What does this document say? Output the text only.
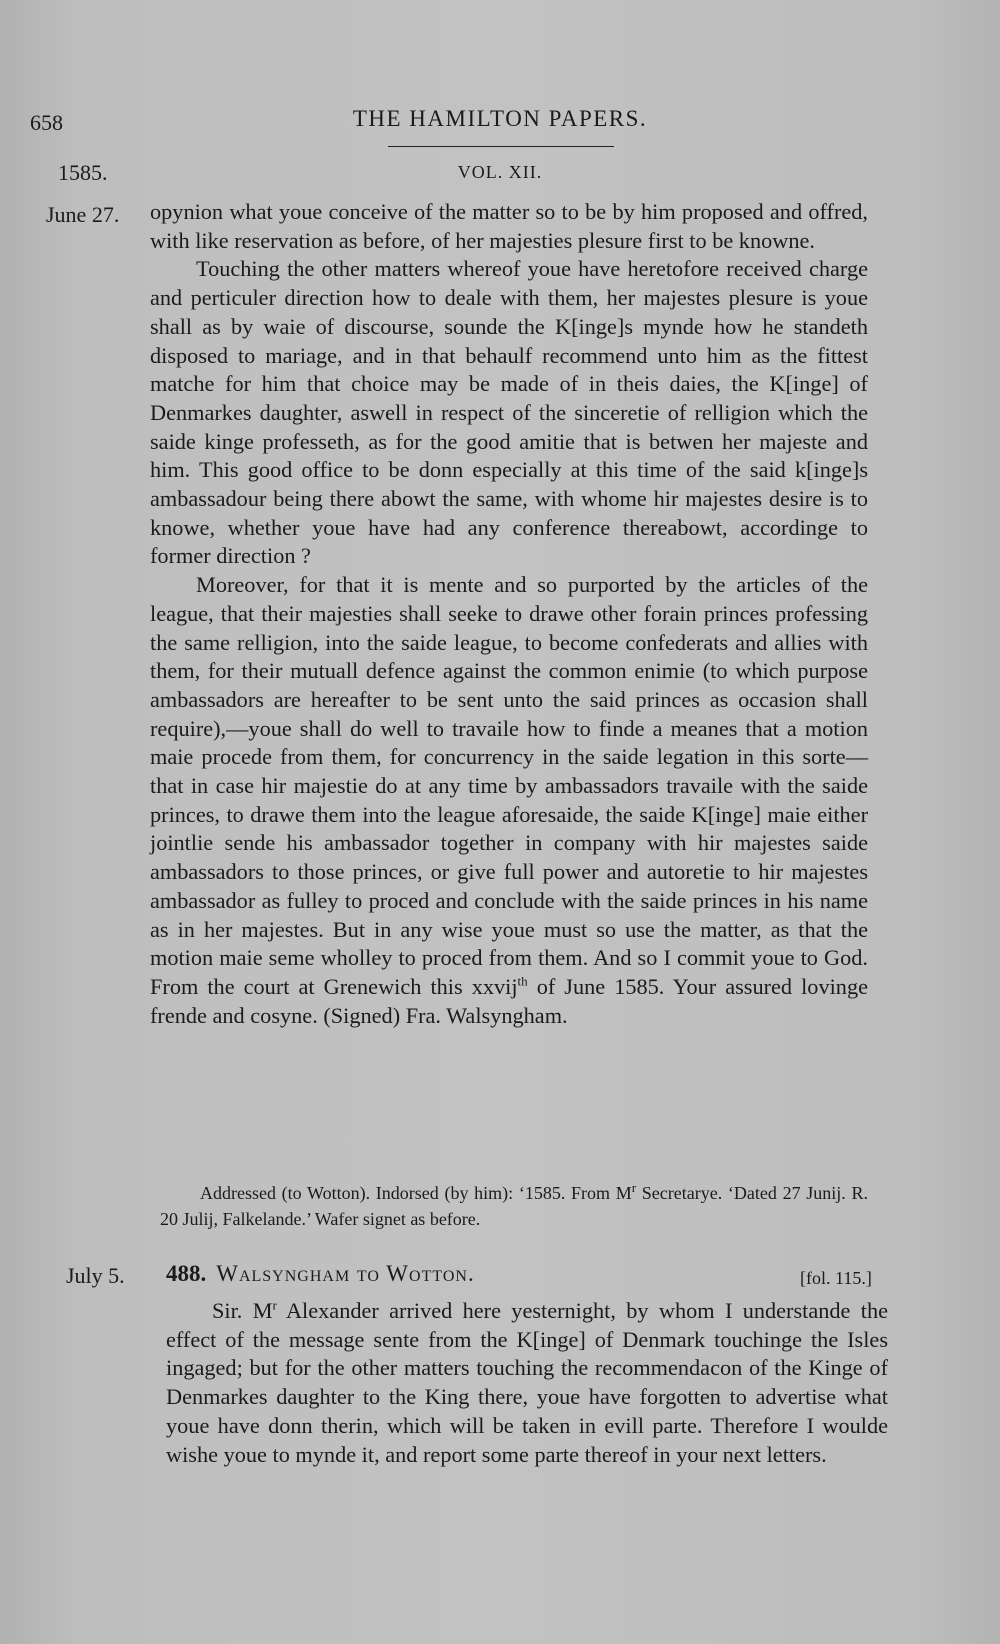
658	THE HAMILTON PAPERS.
1585.	VOL. XII.
June 27. opynion what youe conceive of the matter so to be by him proposed and offred, with like reservation as before, of her majesties plesure first to be knowne.

Touching the other matters whereof youe have heretofore received charge and perticuler direction how to deale with them, her majestes plesure is youe shall as by waie of discourse, sounde the K[inge]s mynde how he standeth disposed to mariage, and in that behaulf recommend unto him as the fittest matche for him that choice may be made of in theis daies, the K[inge] of Denmarkes daughter, aswell in respect of the sinceretie of relligion which the saide kinge professeth, as for the good amitie that is betwen her majeste and him. This good office to be donn especially at this time of the said k[inge]s ambassadour being there abowt the same, with whome hir majestes desire is to knowe, whether youe have had any conference thereabowt, accordinge to former direction ?

Moreover, for that it is mente and so purported by the articles of the league, that their majesties shall seeke to drawe other forain princes professing the same relligion, into the saide league, to become confederats and allies with them, for their mutuall defence against the common enimie (to which purpose ambassadors are hereafter to be sent unto the said princes as occasion shall require),—youe shall do well to travaile how to finde a meanes that a motion maie procede from them, for concurrency in the saide legation in this sorte—that in case hir majestie do at any time by ambassadors travaile with the saide princes, to drawe them into the league aforesaide, the saide K[inge] maie either jointlie sende his ambassador together in company with hir majestes saide ambassadors to those princes, or give full power and autoretie to hir majestes ambassador as fulley to proced and conclude with the saide princes in his name as in her majestes. But in any wise youe must so use the matter, as that the motion maie seme wholley to proced from them. And so I commit youe to God. From the court at Grenewich this xxvij$^{th}$ of June 1585. Your assured lovinge frende and cosyne. (Signed) Fra. Walsyngham.

Addressed (to Wotton). Indorsed (by him): ‘1585. From $M^r$ Secretarye. ‘Dated 27 Junij. R. 20 Julij, Falkelande.’ Wafer signet as before.

July 5. 488. Walsyngham to Wotton.	[fol. 115.]

Sir. $M^r$ Alexander arrived here yesternight, by whom I understande the effect of the message sente from the K[inge] of Denmark touchinge the Isles ingaged; but for the other matters touching the recommendacon of the Kinge of Denmarkes daughter to the King there, youe have forgotten to advertise what youe have donn therin, which will be taken in evill parte. Therefore I woulde wishe youe to mynde it, and report some parte thereof in your next letters.
